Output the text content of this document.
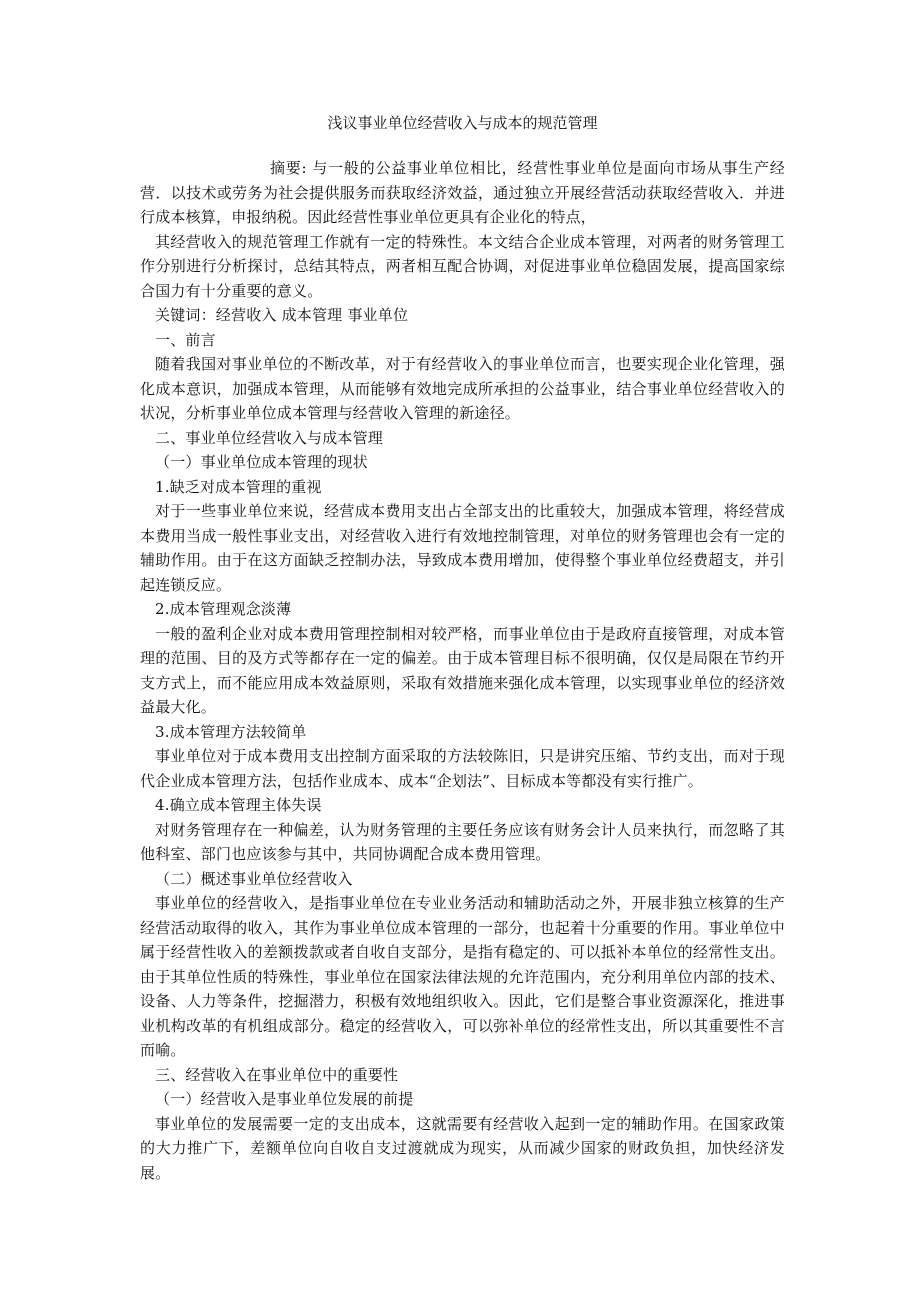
浅议事业单位经营收入与成本的规范管理

摘要: 与一般的公益事业单位相比，经营性事业单位是面向市场从事生产经营．以技术或劳务为社会提供服务而获取经济效益，通过独立开展经营活动获取经营收入．并进行成本核算，申报纳税。因此经营性事业单位更具有企业化的特点，

其经营收入的规范管理工作就有一定的特殊性。本文结合企业成本管理，对两者的财务管理工作分别进行分析探讨，总结其特点，两者相互配合协调，对促进事业单位稳固发展，提高国家综合国力有十分重要的意义。

关键词：经营收入 成本管理 事业单位

一、前言

随着我国对事业单位的不断改革，对于有经营收入的事业单位而言，也要实现企业化管理，强化成本意识，加强成本管理，从而能够有效地完成所承担的公益事业，结合事业单位经营收入的状况，分析事业单位成本管理与经营收入管理的新途径。

二、事业单位经营收入与成本管理

（一）事业单位成本管理的现状

1.缺乏对成本管理的重视

对于一些事业单位来说，经营成本费用支出占全部支出的比重较大，加强成本管理，将经营成本费用当成一般性事业支出，对经营收入进行有效地控制管理，对单位的财务管理也会有一定的辅助作用。由于在这方面缺乏控制办法，导致成本费用增加，使得整个事业单位经费超支，并引起连锁反应。

2.成本管理观念淡薄

一般的盈利企业对成本费用管理控制相对较严格，而事业单位由于是政府直接管理，对成本管理的范围、目的及方式等都存在一定的偏差。由于成本管理目标不很明确，仅仅是局限在节约开支方式上，而不能应用成本效益原则，采取有效措施来强化成本管理，以实现事业单位的经济效益最大化。

3.成本管理方法较简单

事业单位对于成本费用支出控制方面采取的方法较陈旧，只是讲究压缩、节约支出，而对于现代企业成本管理方法，包括作业成本、成本“企划法”、目标成本等都没有实行推广。

4.确立成本管理主体失误

对财务管理存在一种偏差，认为财务管理的主要任务应该有财务会计人员来执行，而忽略了其他科室、部门也应该参与其中，共同协调配合成本费用管理。

（二）概述事业单位经营收入

事业单位的经营收入，是指事业单位在专业业务活动和辅助活动之外，开展非独立核算的生产经营活动取得的收入，其作为事业单位成本管理的一部分，也起着十分重要的作用。事业单位中属于经营性收入的差额拨款或者自收自支部分，是指有稳定的、可以抵补本单位的经常性支出。由于其单位性质的特殊性，事业单位在国家法律法规的允许范围内，充分利用单位内部的技术、设备、人力等条件，挖掘潜力，积极有效地组织收入。因此，它们是整合事业资源深化，推进事业机构改革的有机组成部分。稳定的经营收入，可以弥补单位的经常性支出，所以其重要性不言而喻。

三、经营收入在事业单位中的重要性

（一）经营收入是事业单位发展的前提

事业单位的发展需要一定的支出成本，这就需要有经营收入起到一定的辅助作用。在国家政策的大力推广下，差额单位向自收自支过渡就成为现实，从而减少国家的财政负担，加快经济发展。
